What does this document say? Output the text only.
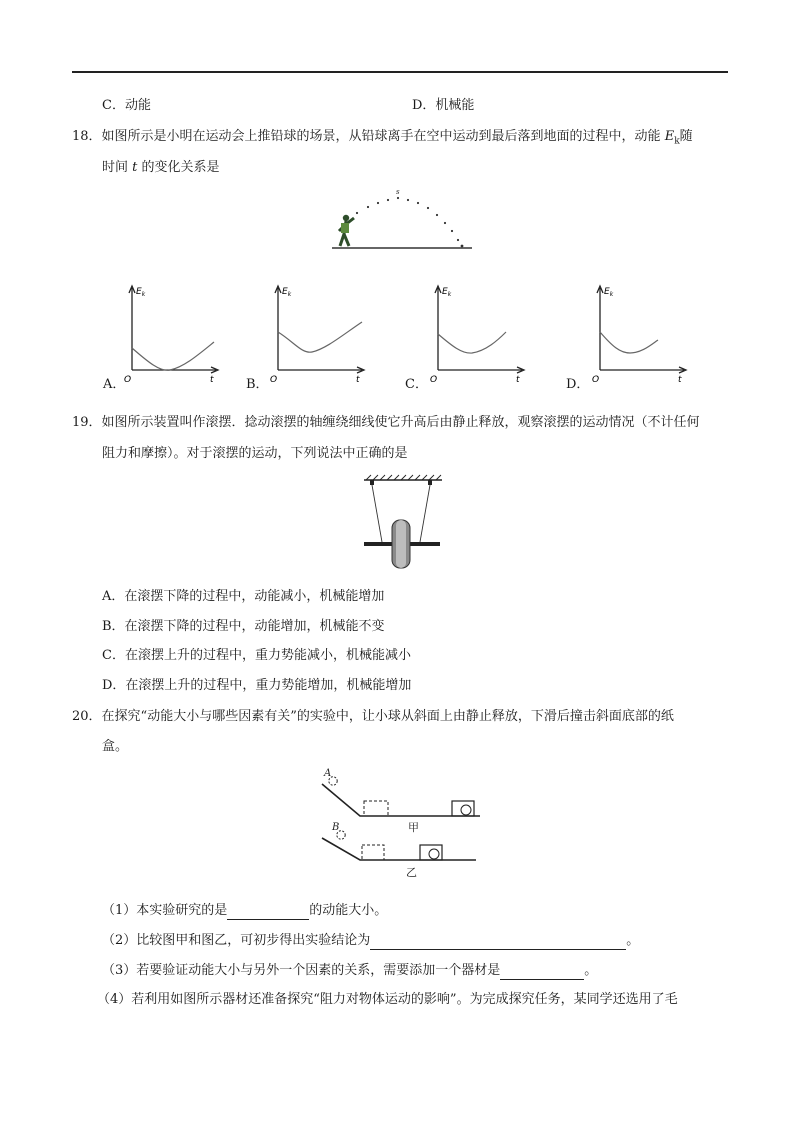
C．动能	D．机械能
18．如图所示是小明在运动会上推铅球的场景，从铅球离手在空中运动到最后落到地面的过程中，动能 $E_k$随
时间 t 的变化关系是
s
$E_k$
O	t
A．
$E_k$
O	t
B．
$E_k$
O	t
C．
$E_k$
O	t
D．
19．如图所示装置叫作滚摆．捻动滚摆的轴缠绕细线使它升高后由静止释放，观察滚摆的运动情况（不计任何
阻力和摩擦）。对于滚摆的运动，下列说法中正确的是
A．在滚摆下降的过程中，动能减小，机械能增加
B．在滚摆下降的过程中，动能增加，机械能不变
C．在滚摆上升的过程中，重力势能减小，机械能减小
D．在滚摆上升的过程中，重力势能增加，机械能增加
20．在探究“动能大小与哪些因素有关”的实验中，让小球从斜面上由静止释放，下滑后撞击斜面底部的纸
盒。
A
甲
B
乙
（1）本实验研究的是	的动能大小。
（2）比较图甲和图乙，可初步得出实验结论为	。
（3）若要验证动能大小与另外一个因素的关系，需要添加一个器材是	。
（4）若利用如图所示器材还准备探究“阻力对物体运动的影响”。为完成探究任务，某同学还选用了毛
